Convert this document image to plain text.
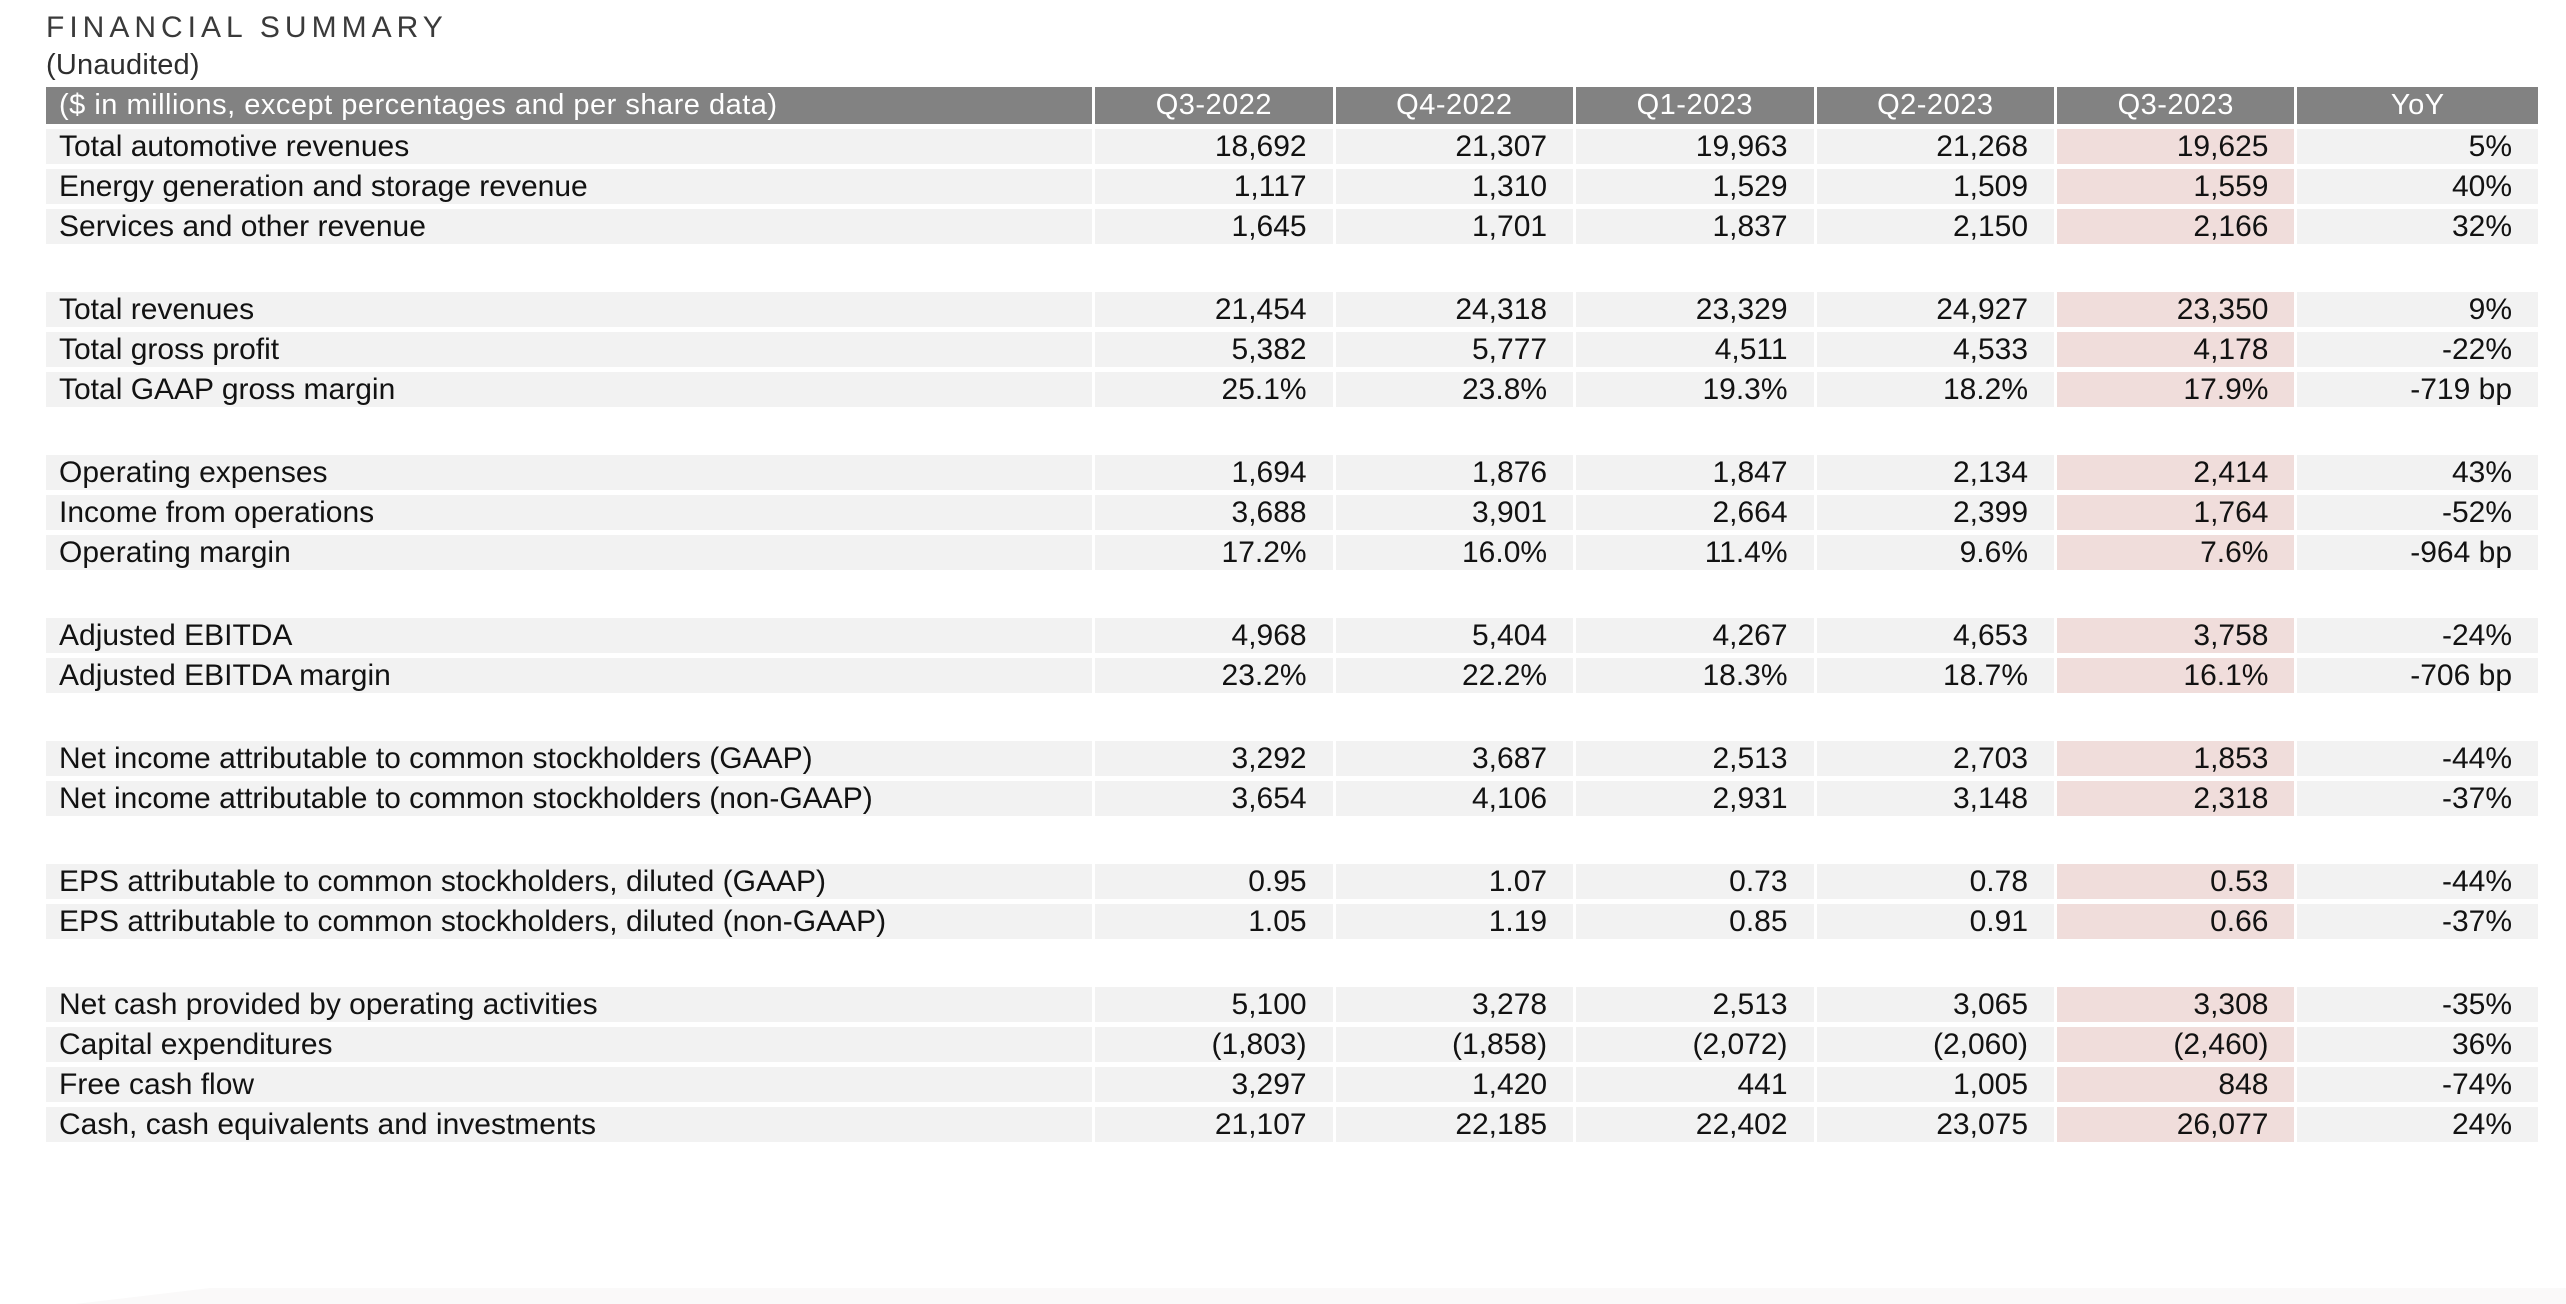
FINANCIAL SUMMARY
(Unaudited)
($ in millions, except percentages and per share data)	Q3-2022	Q4-2022	Q1-2023	Q2-2023	Q3-2023	YoY
Total automotive revenues	18,692	21,307	19,963	21,268	19,625	5%
Energy generation and storage revenue	1,117	1,310	1,529	1,509	1,559	40%
Services and other revenue	1,645	1,701	1,837	2,150	2,166	32%

Total revenues	21,454	24,318	23,329	24,927	23,350	9%
Total gross profit	5,382	5,777	4,511	4,533	4,178	-22%
Total GAAP gross margin	25.1%	23.8%	19.3%	18.2%	17.9%	-719 bp

Operating expenses	1,694	1,876	1,847	2,134	2,414	43%
Income from operations	3,688	3,901	2,664	2,399	1,764	-52%
Operating margin	17.2%	16.0%	11.4%	9.6%	7.6%	-964 bp

Adjusted EBITDA	4,968	5,404	4,267	4,653	3,758	-24%
Adjusted EBITDA margin	23.2%	22.2%	18.3%	18.7%	16.1%	-706 bp

Net income attributable to common stockholders (GAAP)	3,292	3,687	2,513	2,703	1,853	-44%
Net income attributable to common stockholders (non-GAAP)	3,654	4,106	2,931	3,148	2,318	-37%

EPS attributable to common stockholders, diluted (GAAP)	0.95	1.07	0.73	0.78	0.53	-44%
EPS attributable to common stockholders, diluted (non-GAAP)	1.05	1.19	0.85	0.91	0.66	-37%

Net cash provided by operating activities	5,100	3,278	2,513	3,065	3,308	-35%
Capital expenditures	(1,803)	(1,858)	(2,072)	(2,060)	(2,460)	36%
Free cash flow	3,297	1,420	441	1,005	848	-74%
Cash, cash equivalents and investments	21,107	22,185	22,402	23,075	26,077	24%
